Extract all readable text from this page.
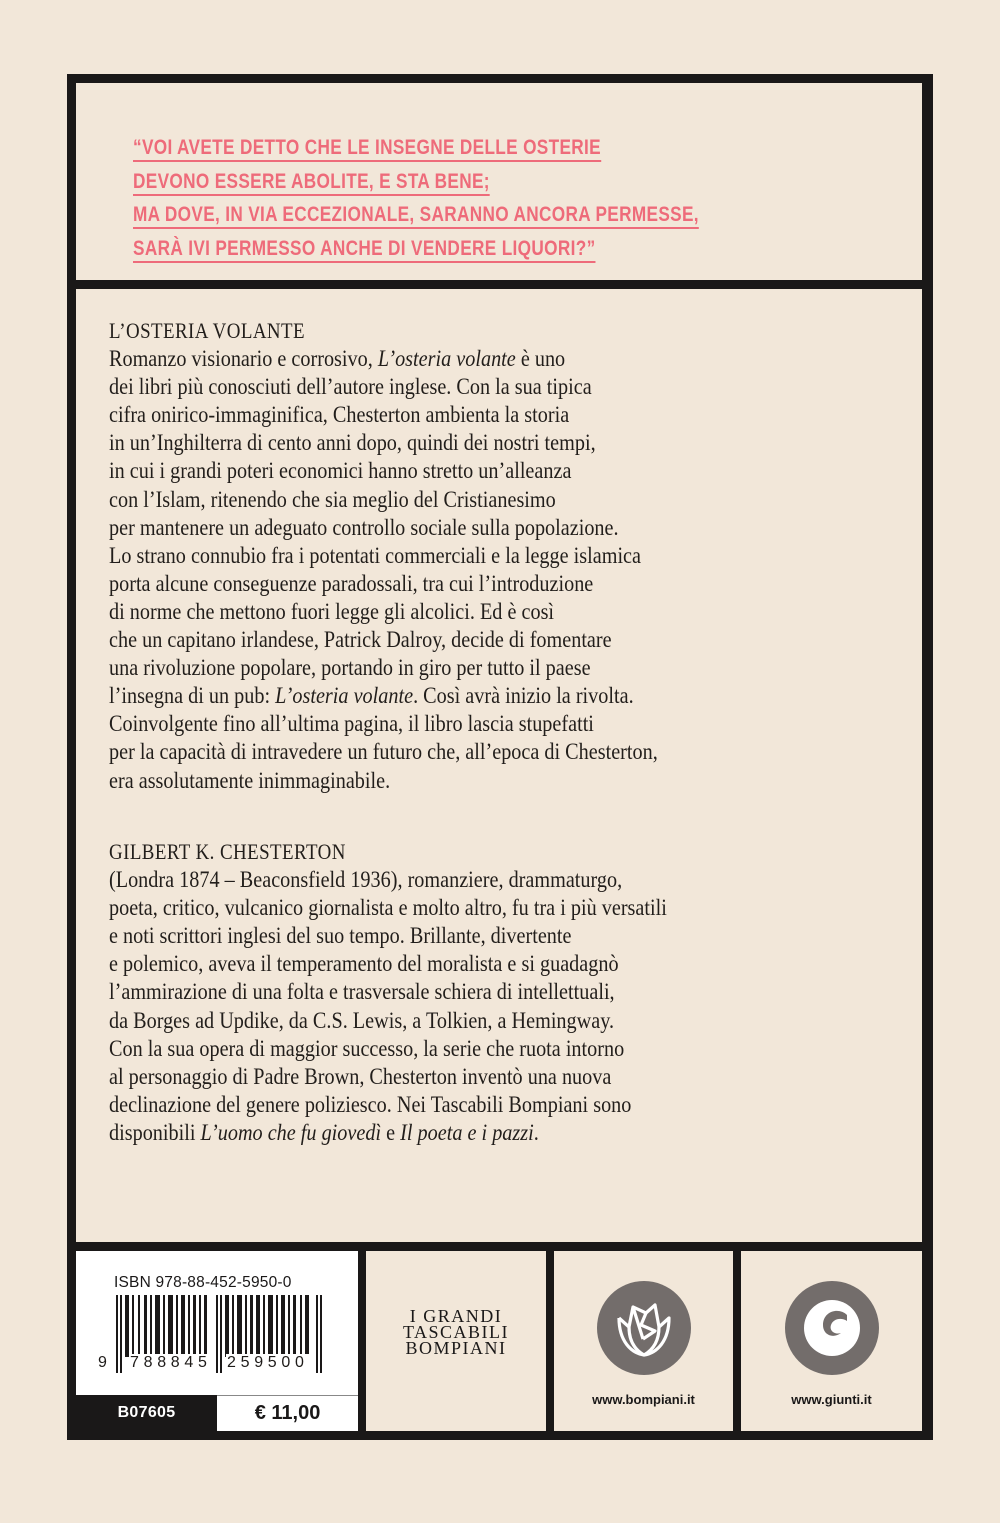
“VOI AVETE DETTO CHE LE INSEGNE DELLE OSTERIE
DEVONO ESSERE ABOLITE, E STA BENE;
MA DOVE, IN VIA ECCEZIONALE, SARANNO ANCORA PERMESSE,
SARÀ IVI PERMESSO ANCHE DI VENDERE LIQUORI?”
L’OSTERIA VOLANTE
Romanzo visionario e corrosivo, L’osteria volante è uno
dei libri più conosciuti dell’autore inglese. Con la sua tipica
cifra onirico-immaginifica, Chesterton ambienta la storia
in un’Inghilterra di cento anni dopo, quindi dei nostri tempi,
in cui i grandi poteri economici hanno stretto un’alleanza
con l’Islam, ritenendo che sia meglio del Cristianesimo
per mantenere un adeguato controllo sociale sulla popolazione.
Lo strano connubio fra i potentati commerciali e la legge islamica
porta alcune conseguenze paradossali, tra cui l’introduzione
di norme che mettono fuori legge gli alcolici. Ed è così
che un capitano irlandese, Patrick Dalroy, decide di fomentare
una rivoluzione popolare, portando in giro per tutto il paese
l’insegna di un pub: L’osteria volante. Così avrà inizio la rivolta.
Coinvolgente fino all’ultima pagina, il libro lascia stupefatti
per la capacità di intravedere un futuro che, all’epoca di Chesterton,
era assolutamente inimmaginabile.
GILBERT K. CHESTERTON
(Londra 1874 – Beaconsfield 1936), romanziere, drammaturgo,
poeta, critico, vulcanico giornalista e molto altro, fu tra i più versatili
e noti scrittori inglesi del suo tempo. Brillante, divertente
e polemico, aveva il temperamento del moralista e si guadagnò
l’ammirazione di una folta e trasversale schiera di intellettuali,
da Borges ad Updike, da C.S. Lewis, a Tolkien, a Hemingway.
Con la sua opera di maggior successo, la serie che ruota intorno
al personaggio di Padre Brown, Chesterton inventò una nuova
declinazione del genere poliziesco. Nei Tascabili Bompiani sono
disponibili L’uomo che fu giovedì e Il poeta e i pazzi.
ISBN 978-88-452-5950-0
9 788845 259500
B07605	€ 11,00
I GRANDI
TASCABILI
BOMPIANI
www.bompiani.it	www.giunti.it
